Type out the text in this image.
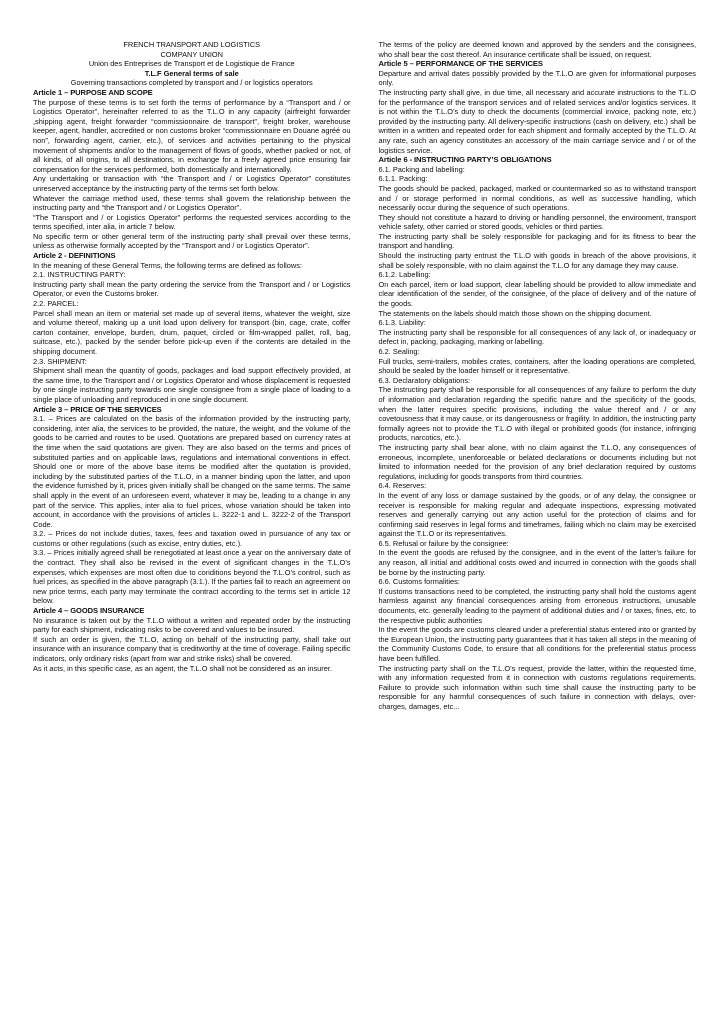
FRENCH TRANSPORT AND LOGISTICS

COMPANY UNION

Union des Entreprises de Transport et de Logistique de France

T.L.F General terms of sale

Governing transactions completed by transport and / or logistics operators

Article 1 – PURPOSE AND SCOPE

The purpose of these terms is to set forth the terms of performance by a “Transport and / or Logistics Operator”, hereinafter referred to as the T.L.O in any capacity (airfreight forwarder ,shipping agent, freight forwarder “commissionnaire de transport”, freight broker, warehouse keeper, agent, handler, accredited or non customs broker “commissionnaire en Douane agréé ou non”, forwarding agent, carrier, etc.), of services and activities pertaining to the physical movement of shipments and/or to the management of flows of goods, whether packed or not, of all kinds, of all origins, to all destinations, in exchange for a freely agreed price ensuring fair compensation for the services performed, both domestically and internationally.

Any undertaking or transaction with “the Transport and / or Logistics Operator” constitutes unreserved acceptance by the instructing party of the terms set forth below.

Whatever the carriage method used, these terms shall govern the relationship between the instructing party and “the Transport and / or Logistics Operator”.

“The Transport and / or Logistics Operator” performs the requested services according to the terms specified, inter alia, in article 7 below.

No specific term or other general term of the instructing party shall prevail over these terms, unless as otherwise formally accepted by the “Transport and / or Logistics Operator”.

Article 2 - DEFINITIONS

In the meaning of these General Terms, the following terms are defined as follows:

2.1. INSTRUCTING PARTY:

Instructing party shall mean the party ordering the service from the Transport and / or Logistics Operator, or even the Customs broker.

2.2. PARCEL:

Parcel shall mean an item or material set made up of several items, whatever the weight, size and volume thereof, making up a unit load upon delivery for transport (bin, cage, crate, coffer carton container, envelope, burden, drum, paquet, circled or film-wrapped pallet, roll, bag, suitcase, etc.), packed by the sender before pick-up even if the contents are detailed in the shipping document.

2.3. SHIPMENT:

Shipment shall mean the quantity of goods, packages and load support effectively provided, at the same time, to the Transport and / or Logistics Operator and whose displacement is requested by one single instructing party towards one single consignee from a single place of loading to a single place of unloading and reproduced in one single document.

Article 3 – PRICE OF THE SERVICES

3.1. – Prices are calculated on the basis of the information provided by the instructing party, considering, inter alia, the services to be provided, the nature, the weight, and the volume of the goods to be carried and routes to be used. Quotations are prepared based on currency rates at the time when the said quotations are given. They are also based on the terms and prices of substituted parties and on applicable laws, regulations and international conventions in effect. Should one or more of the above base items be modified after the quotation is provided, including by the substituted parties of the T.L.O, in a manner binding upon the latter, and upon the evidence furnished by it, prices given initially shall be changed on the same terms. The same shall apply in the event of an unforeseen event, whatever it may be, leading to a change in any part of the service. This applies, inter alia to fuel prices, whose variation should be taken into account, in accordance with the provisions of articles L. 3222-1 and L. 3222-2 of the Transport Code.

3.2. – Prices do not include duties, taxes, fees and taxation owed in pursuance of any tax or customs or other regulations (such as excise, entry duties, etc.).

3.3. – Prices initially agreed shall be renegotiated at least once a year on the anniversary date of the contract. They shall also be revised in the event of significant changes in the T.L.O’s expenses, which expenses are most often due to conditions beyond the T.L.O’s control, such as fuel prices, as specified in the above paragraph (3.1.). If the parties fail to reach an agreement on new price terms, each party may terminate the contract according to the terms set in article 12 below.

Article 4 – GOODS INSURANCE

No insurance is taken out by the T.L.O without a written and repeated order by the instructing party for each shipment, indicating risks to be covered and values to be insured.

If such an order is given, the T.L.O, acting on behalf of the instructing party, shall take out insurance with an insurance company that is creditworthy at the time of coverage. Failing specific indicators, only ordinary risks (apart from war and strike risks) shall be covered.

As it acts, in this specific case, as an agent, the T.L.O shall not be considered as an insurer.

The terms of the policy are deemed known and approved by the senders and the consignees, who shall bear the cost thereof. An insurance certificate shall be issued, on request.

Article 5 – PERFORMANCE OF THE SERVICES

Departure and arrival dates possibly provided by the T.L.O are given for informational purposes only.

The instructing party shall give, in due time, all necessary and accurate instructions to the T.L.O for the performance of the transport services and of related services and/or logistics services. It is not within the T.L.O’s duty to check the documents (commercial invoice, packing note, etc.) provided by the instructing party. All delivery-specific instructions (cash on delivery, etc.) shall be written in a written and repeated order for each shipment and formally accepted by the T.L.O. At any rate, such an agency constitutes an accessory of the main carriage service and / or of the logistics service.

Article 6 - INSTRUCTING PARTY’S OBLIGATIONS

6.1. Packing and labelling:

6.1.1. Packing:

The goods should be packed, packaged, marked or countermarked so as to withstand transport and / or storage performed in normal conditions, as well as successive handling, which necessarily occur during the sequence of such operations.

They should not constitute a hazard to driving or handling personnel, the environment, transport vehicle safety, other carried or stored goods, vehicles or third parties.

The instructing party shall be solely responsible for packaging and for its fitness to bear the transport and handling.

Should the instructing party entrust the T.L.O with goods in breach of the above provisions, it shall be solely responsible, with no claim against the T.L.O for any damage they may cause.

6.1.2. Labelling:

On each parcel, item or load support, clear labelling should be provided to allow immediate and clear identification of the sender, of the consignee, of the place of delivery and of the nature of the goods.

The statements on the labels should match those shown on the shipping document.

6.1.3. Liability:

The instructing party shall be responsible for all consequences of any lack of, or inadequacy or defect in, packing, packaging, marking or labelling.

6.2. Sealing:

Full trucks, semi-trailers, mobiles crates, containers, after the loading operations are completed, should be sealed by the loader himself or it representative.

6.3. Declaratory obligations:

The instructing party shall be responsible for all consequences of any failure to perform the duty of information and declaration regarding the specific nature and the specificity of the goods, when the latter requires specific provisions, including the value thereof and / or any covetousness that it may cause, or its dangerousness or fragility. In addition, the instructing party formally agrees not to provide the T.L.O with illegal or prohibited goods (for instance, infringing products, narcotics, etc.).

The instructing party shall bear alone, with no claim against the T.L.O, any consequences of erroneous, incomplete, unenforceable or belated declarations or documents including but not limited to information needed for the provision of any brief declaration required by customs regulations, including for goods transports from third countries.

6.4. Reserves:

In the event of any loss or damage sustained by the goods, or of any delay, the consignee or receiver is responsible for making regular and adequate inspections, expressing motivated reserves and generally carrying out any action useful for the protection of claims and for confirming said reserves in legal forms and timeframes, failing which no claim may be exercised against the T.L.O or its representatives.

6.5. Refusal or failure by the consignee:

In the event the goods are refused by the consignee, and in the event of the latter’s failure for any reason, all initial and additional costs owed and incurred in connection with the goods shall be borne by the instructing party.

6.6. Customs formalities:

If customs transactions need to be completed, the instructing party shall hold the customs agent harmless against any financial consequences arising from erroneous instructions, unusable documents, etc. generally leading to the payment of additional duties and / or taxes, fines, etc. to the respective public authorities

In the event the goods are customs cleared under a preferential status entered into or granted by the European Union, the instructing party guarantees that it has taken all steps in the meaning of the Community Customs Code, to ensure that all conditions for the preferential status process have been fulfilled.

The instructing party shall on the T.L.O’s request, provide the latter, within the requested time, with any information requested from it in connection with customs regulations requirements. Failure to provide such information within such time shall cause the instructing party to be responsible for any harmful consequences of such failure in connection with delays, over-charges, damages, etc...
